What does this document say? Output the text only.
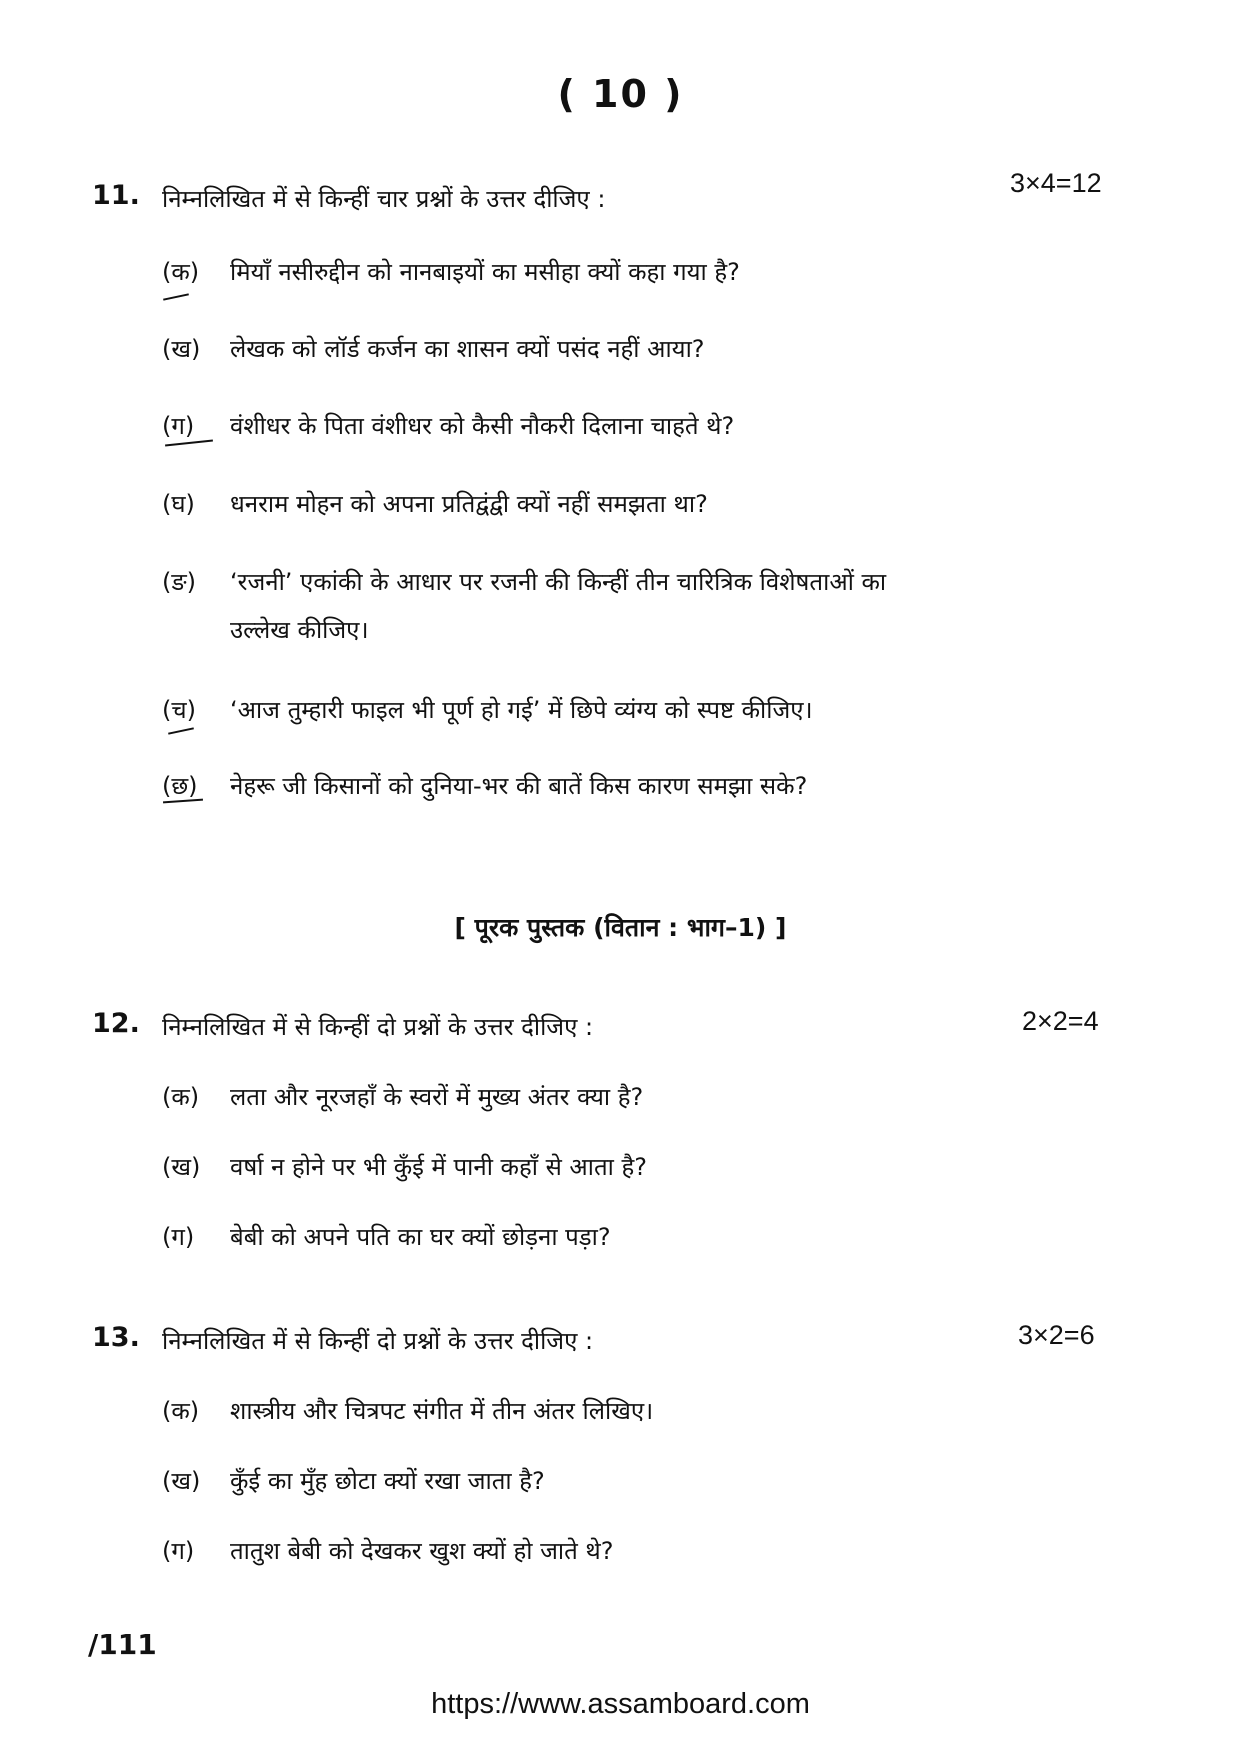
( 10 )
11. निम्नलिखित में से किन्हीं चार प्रश्नों के उत्तर दीजिए :
3×4=12
(क) मियाँ नसीरुद्दीन को नानबाइयों का मसीहा क्यों कहा गया है?
(ख) लेखक को लॉर्ड कर्जन का शासन क्यों पसंद नहीं आया?
(ग) वंशीधर के पिता वंशीधर को कैसी नौकरी दिलाना चाहते थे?
(घ) धनराम मोहन को अपना प्रतिद्वंद्वी क्यों नहीं समझता था?
(ङ) ‘रजनी’ एकांकी के आधार पर रजनी की किन्हीं तीन चारित्रिक विशेषताओं का
उल्लेख कीजिए।
(च) ‘आज तुम्हारी फाइल भी पूर्ण हो गई’ में छिपे व्यंग्य को स्पष्ट कीजिए।
(छ) नेहरू जी किसानों को दुनिया-भर की बातें किस कारण समझा सके?
[ पूरक पुस्तक (वितान : भाग–1) ]
12. निम्नलिखित में से किन्हीं दो प्रश्नों के उत्तर दीजिए :	2×2=4
(क) लता और नूरजहाँ के स्वरों में मुख्य अंतर क्या है?
(ख) वर्षा न होने पर भी कुँई में पानी कहाँ से आता है?
(ग) बेबी को अपने पति का घर क्यों छोड़ना पड़ा?
13. निम्नलिखित में से किन्हीं दो प्रश्नों के उत्तर दीजिए :	3×2=6
(क) शास्त्रीय और चित्रपट संगीत में तीन अंतर लिखिए।
(ख) कुँई का मुँह छोटा क्यों रखा जाता है?
(ग) तातुश बेबी को देखकर खुश क्यों हो जाते थे?
/111
https://www.assamboard.com
